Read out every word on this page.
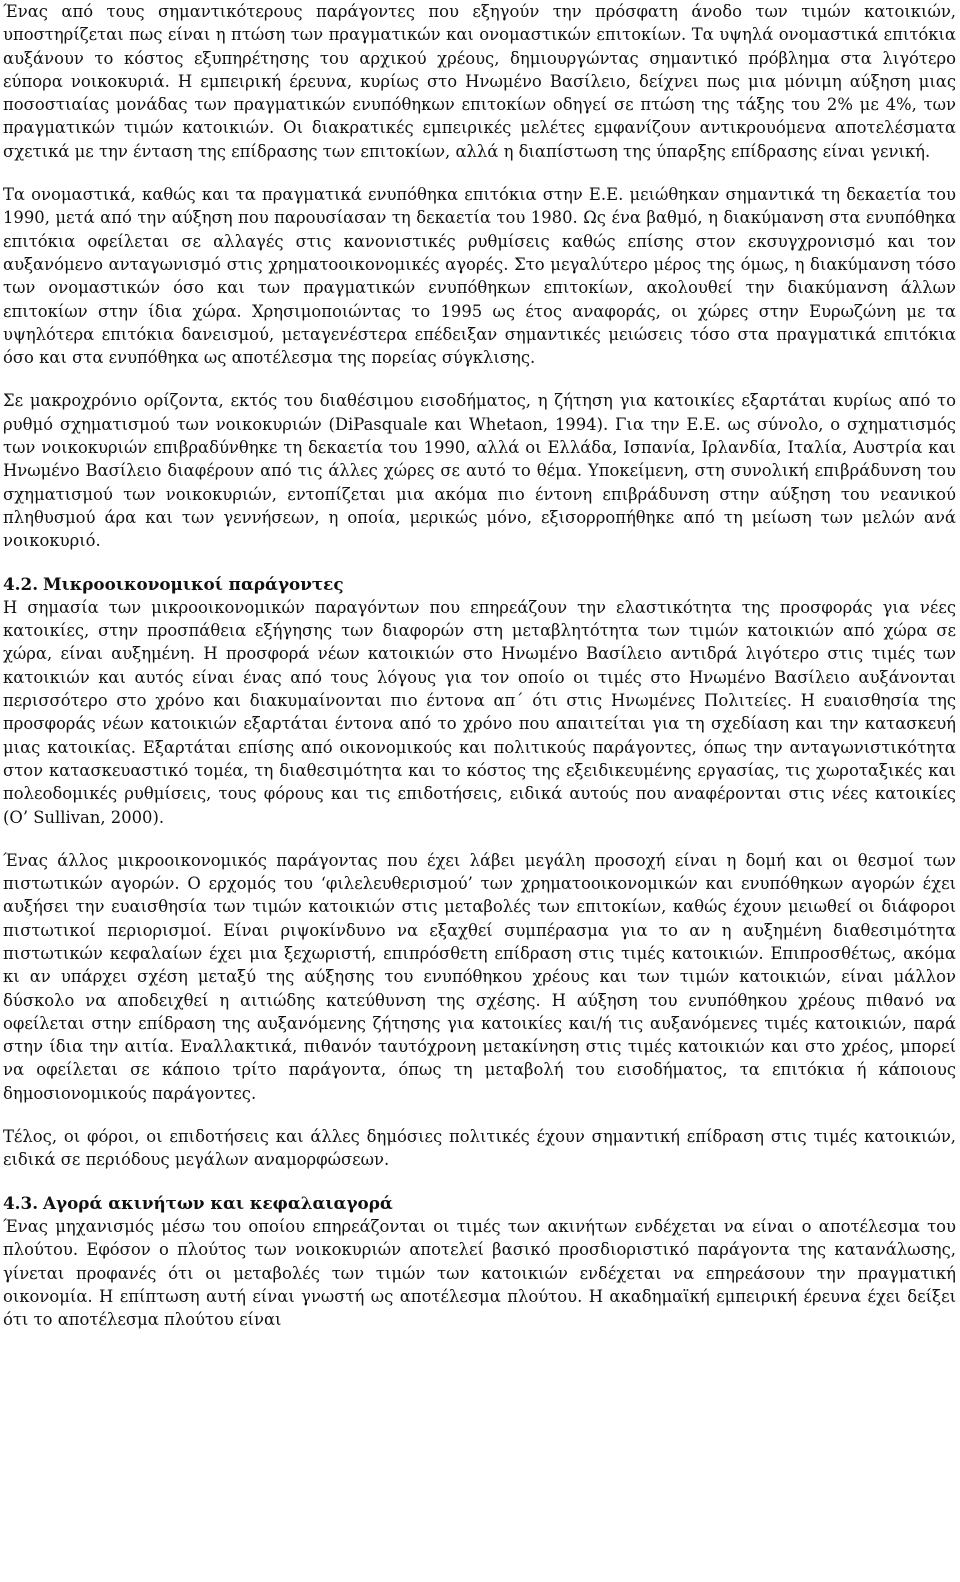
Ένας από τους σημαντικότερους παράγοντες που εξηγούν την πρόσφατη άνοδο των τιμών κατοικιών, υποστηρίζεται πως είναι η πτώση των πραγματικών και ονομαστικών επιτοκίων. Τα υψηλά ονομαστικά επιτόκια αυξάνουν το κόστος εξυπηρέτησης του αρχικού χρέους, δημιουργώντας σημαντικό πρόβλημα στα λιγότερο εύπορα νοικοκυριά. Η εμπειρική έρευνα, κυρίως στο Ηνωμένο Βασίλειο, δείχνει πως μια μόνιμη αύξηση μιας ποσοστιαίας μονάδας των πραγματικών ενυπόθηκων επιτοκίων οδηγεί σε πτώση της τάξης του 2% με 4%, των πραγματικών τιμών κατοικιών. Οι διακρατικές εμπειρικές μελέτες εμφανίζουν αντικρουόμενα αποτελέσματα σχετικά με την ένταση της επίδρασης των επιτοκίων, αλλά η διαπίστωση της ύπαρξης επίδρασης είναι γενική.

Τα ονομαστικά, καθώς και τα πραγματικά ενυπόθηκα επιτόκια στην Ε.Ε. μειώθηκαν σημαντικά τη δεκαετία του 1990, μετά από την αύξηση που παρουσίασαν τη δεκαετία του 1980. Ως ένα βαθμό, η διακύμανση στα ενυπόθηκα επιτόκια οφείλεται σε αλλαγές στις κανονιστικές ρυθμίσεις καθώς επίσης στον εκσυγχρονισμό και τον αυξανόμενο ανταγωνισμό στις χρηματοοικονομικές αγορές. Στο μεγαλύτερο μέρος της όμως, η διακύμανση τόσο των ονομαστικών όσο και των πραγματικών ενυπόθηκων επιτοκίων, ακολουθεί την διακύμανση άλλων επιτοκίων στην ίδια χώρα. Χρησιμοποιώντας το 1995 ως έτος αναφοράς, οι χώρες στην Ευρωζώνη με τα υψηλότερα επιτόκια δανεισμού, μεταγενέστερα επέδειξαν σημαντικές μειώσεις τόσο στα πραγματικά επιτόκια όσο και στα ενυπόθηκα ως αποτέλεσμα της πορείας σύγκλισης.

Σε μακροχρόνιο ορίζοντα, εκτός του διαθέσιμου εισοδήματος, η ζήτηση για κατοικίες εξαρτάται κυρίως από το ρυθμό σχηματισμού των νοικοκυριών (DiPasquale και Whetaon, 1994). Για την Ε.Ε. ως σύνολο, ο σχηματισμός των νοικοκυριών επιβραδύνθηκε τη δεκαετία του 1990, αλλά οι Ελλάδα, Ισπανία, Ιρλανδία, Ιταλία, Αυστρία και Ηνωμένο Βασίλειο διαφέρουν από τις άλλες χώρες σε αυτό το θέμα. Υποκείμενη, στη συνολική επιβράδυνση του σχηματισμού των νοικοκυριών, εντοπίζεται μια ακόμα πιο έντονη επιβράδυνση στην αύξηση του νεανικού πληθυσμού άρα και των γεννήσεων, η οποία, μερικώς μόνο, εξισορροπήθηκε από τη μείωση των μελών ανά νοικοκυριό.

4.2. Μικροοικονομικοί παράγοντες

Η σημασία των μικροοικονομικών παραγόντων που επηρεάζουν την ελαστικότητα της προσφοράς για νέες κατοικίες, στην προσπάθεια εξήγησης των διαφορών στη μεταβλητότητα των τιμών κατοικιών από χώρα σε χώρα, είναι αυξημένη. Η προσφορά νέων κατοικιών στο Ηνωμένο Βασίλειο αντιδρά λιγότερο στις τιμές των κατοικιών και αυτός είναι ένας από τους λόγους για τον οποίο οι τιμές στο Ηνωμένο Βασίλειο αυξάνονται περισσότερο στο χρόνο και διακυμαίνονται πιο έντονα απ΄ ότι στις Ηνωμένες Πολιτείες. Η ευαισθησία της προσφοράς νέων κατοικιών εξαρτάται έντονα από το χρόνο που απαιτείται για τη σχεδίαση και την κατασκευή μιας κατοικίας. Εξαρτάται επίσης από οικονομικούς και πολιτικούς παράγοντες, όπως την ανταγωνιστικότητα στον κατασκευαστικό τομέα, τη διαθεσιμότητα και το κόστος της εξειδικευμένης εργασίας, τις χωροταξικές και πολεοδομικές ρυθμίσεις, τους φόρους και τις επιδοτήσεις, ειδικά αυτούς που αναφέρονται στις νέες κατοικίες (O’ Sullivan, 2000).

Ένας άλλος μικροοικονομικός παράγοντας που έχει λάβει μεγάλη προσοχή είναι η δομή και οι θεσμοί των πιστωτικών αγορών. Ο ερχομός του ‘φιλελευθερισμού’ των χρηματοοικονομικών και ενυπόθηκων αγορών έχει αυξήσει την ευαισθησία των τιμών κατοικιών στις μεταβολές των επιτοκίων, καθώς έχουν μειωθεί οι διάφοροι πιστωτικοί περιορισμοί. Είναι ριψοκίνδυνο να εξαχθεί συμπέρασμα για το αν η αυξημένη διαθεσιμότητα πιστωτικών κεφαλαίων έχει μια ξεχωριστή, επιπρόσθετη επίδραση στις τιμές κατοικιών. Επιπροσθέτως, ακόμα κι αν υπάρχει σχέση μεταξύ της αύξησης του ενυπόθηκου χρέους και των τιμών κατοικιών, είναι μάλλον δύσκολο να αποδειχθεί η αιτιώδης κατεύθυνση της σχέσης. Η αύξηση του ενυπόθηκου χρέους πιθανό να οφείλεται στην επίδραση της αυξανόμενης ζήτησης για κατοικίες και/ή τις αυξανόμενες τιμές κατοικιών, παρά στην ίδια την αιτία. Εναλλακτικά, πιθανόν ταυτόχρονη μετακίνηση στις τιμές κατοικιών και στο χρέος, μπορεί να οφείλεται σε κάποιο τρίτο παράγοντα, όπως τη μεταβολή του εισοδήματος, τα επιτόκια ή κάποιους δημοσιονομικούς παράγοντες.

Τέλος, οι φόροι, οι επιδοτήσεις και άλλες δημόσιες πολιτικές έχουν σημαντική επίδραση στις τιμές κατοικιών, ειδικά σε περιόδους μεγάλων αναμορφώσεων.

4.3. Αγορά ακινήτων και κεφαλαιαγορά

Ένας μηχανισμός μέσω του οποίου επηρεάζονται οι τιμές των ακινήτων ενδέχεται να είναι ο αποτέλεσμα του πλούτου. Εφόσον ο πλούτος των νοικοκυριών αποτελεί βασικό προσδιοριστικό παράγοντα της κατανάλωσης, γίνεται προφανές ότι οι μεταβολές των τιμών των κατοικιών ενδέχεται να επηρεάσουν την πραγματική οικονομία. Η επίπτωση αυτή είναι γνωστή ως αποτέλεσμα πλούτου. Η ακαδημαϊκή εμπειρική έρευνα έχει δείξει ότι το αποτέλεσμα πλούτου είναι
